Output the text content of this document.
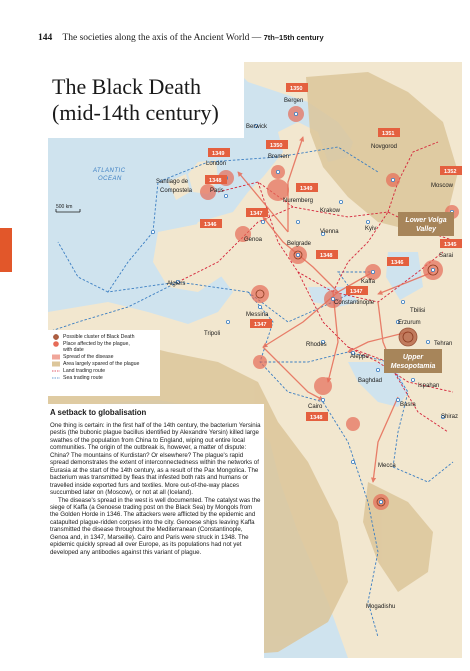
144 The societies along the axis of the Ancient World — 7th–15th century
500 km
ATLANTIC
OCEAN
Bergen
Berwick
Novgorod
London
Bremen
Moscow
Santiago de
Compostela	Paris
Nuremberg
Krakow
Vienna	Kyiv
Genoa
Belgrade
Sarai
Kaffa
Algiers
Constantinople
Tbilisi
Messina
Erzurum
Tripoli
Rhodes	Tehran
Aleppo
Baghdad
Ispahan
Basra
Cairo
Shiraz
Mecca
Mogadishu
1350
1351
1349
1350
1348
1349
1352
1347
1346
1345
1348
1347
1347
1348
1346
Lower Volga
Valley
Upper
Mesopotamia
The Black Death
(mid-14th century)
Possible cluster of Black Death
Place affected by the plague,
with date
Spread of the disease
Area largely spared of the plague
Land trading route
Sea trading route
A setback to globalisation

One thing is certain: in the first half of the 14th century, the bacterium Yersinia pestis (the bubonic plague bacillus identified by Alexandre Yersin) killed large swathes of the population from China to England, wiping out entire local communities. The origin of the outbreak is, however, a matter of dispute: China? The mountains of Kurdistan? Or elsewhere? The plague's rapid spread demonstrates the extent of interconnectedness within the networks of Eurasia at the start of the 14th century, as a result of the Pax Mongolica. The bacterium was transmitted by fleas that infested both rats and humans or travelled inside exported furs and textiles. More out-of-the-way places succumbed later on (Moscow), or not at all (Iceland).

The disease's spread in the west is well documented. The catalyst was the siege of Kaffa (a Genoese trading post on the Black Sea) by Mongols from the Golden Horde in 1346. The attackers were afflicted by the epidemic and catapulted plague-ridden corpses into the city. Genoese ships leaving Kaffa transmitted the disease throughout the Mediterranean (Constantinople, Genoa and, in 1347, Marseille). Cairo and Paris were struck in 1348. The epidemic quickly spread all over Europe, as its populations had not yet developed any antibodies against this variant of plague.
